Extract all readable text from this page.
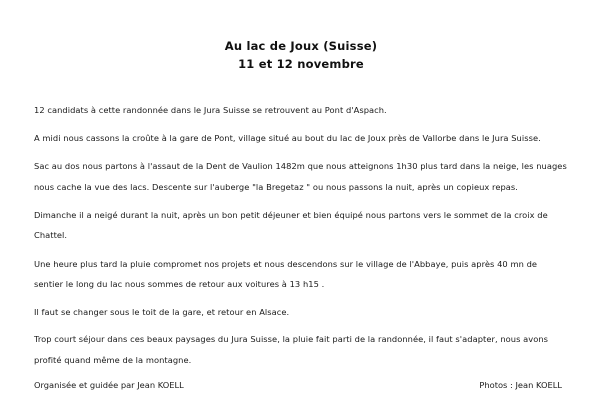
Au lac de Joux (Suisse)
11 et 12 novembre

12 candidats à cette randonnée dans le Jura Suisse se retrouvent au Pont d'Aspach.

A midi nous cassons la croûte à la gare de Pont, village situé au bout du lac de Joux près de Vallorbe dans le Jura Suisse.

Sac au dos nous partons à l'assaut de la Dent de Vaulion 1482m que nous atteignons 1h30 plus tard dans la neige, les nuages nous cache la vue des lacs. Descente sur l'auberge "la Bregetaz " ou nous passons la nuit, après un copieux repas.

Dimanche il a neigé durant la nuit, après un bon petit déjeuner et bien équipé nous partons vers le sommet de la croix de Chattel.

Une heure plus tard la pluie compromet nos projets et nous descendons sur le village de l'Abbaye, puis après 40 mn de sentier le long du lac nous sommes de retour aux voitures à 13 h15 .

Il faut se changer sous le toit de la gare, et retour en Alsace.

Trop court séjour dans ces beaux paysages du Jura Suisse, la pluie fait parti de la randonnée, il faut s'adapter, nous avons profité quand même de la montagne.

Organisée et guidée par Jean KOELL	Photos : Jean KOELL
